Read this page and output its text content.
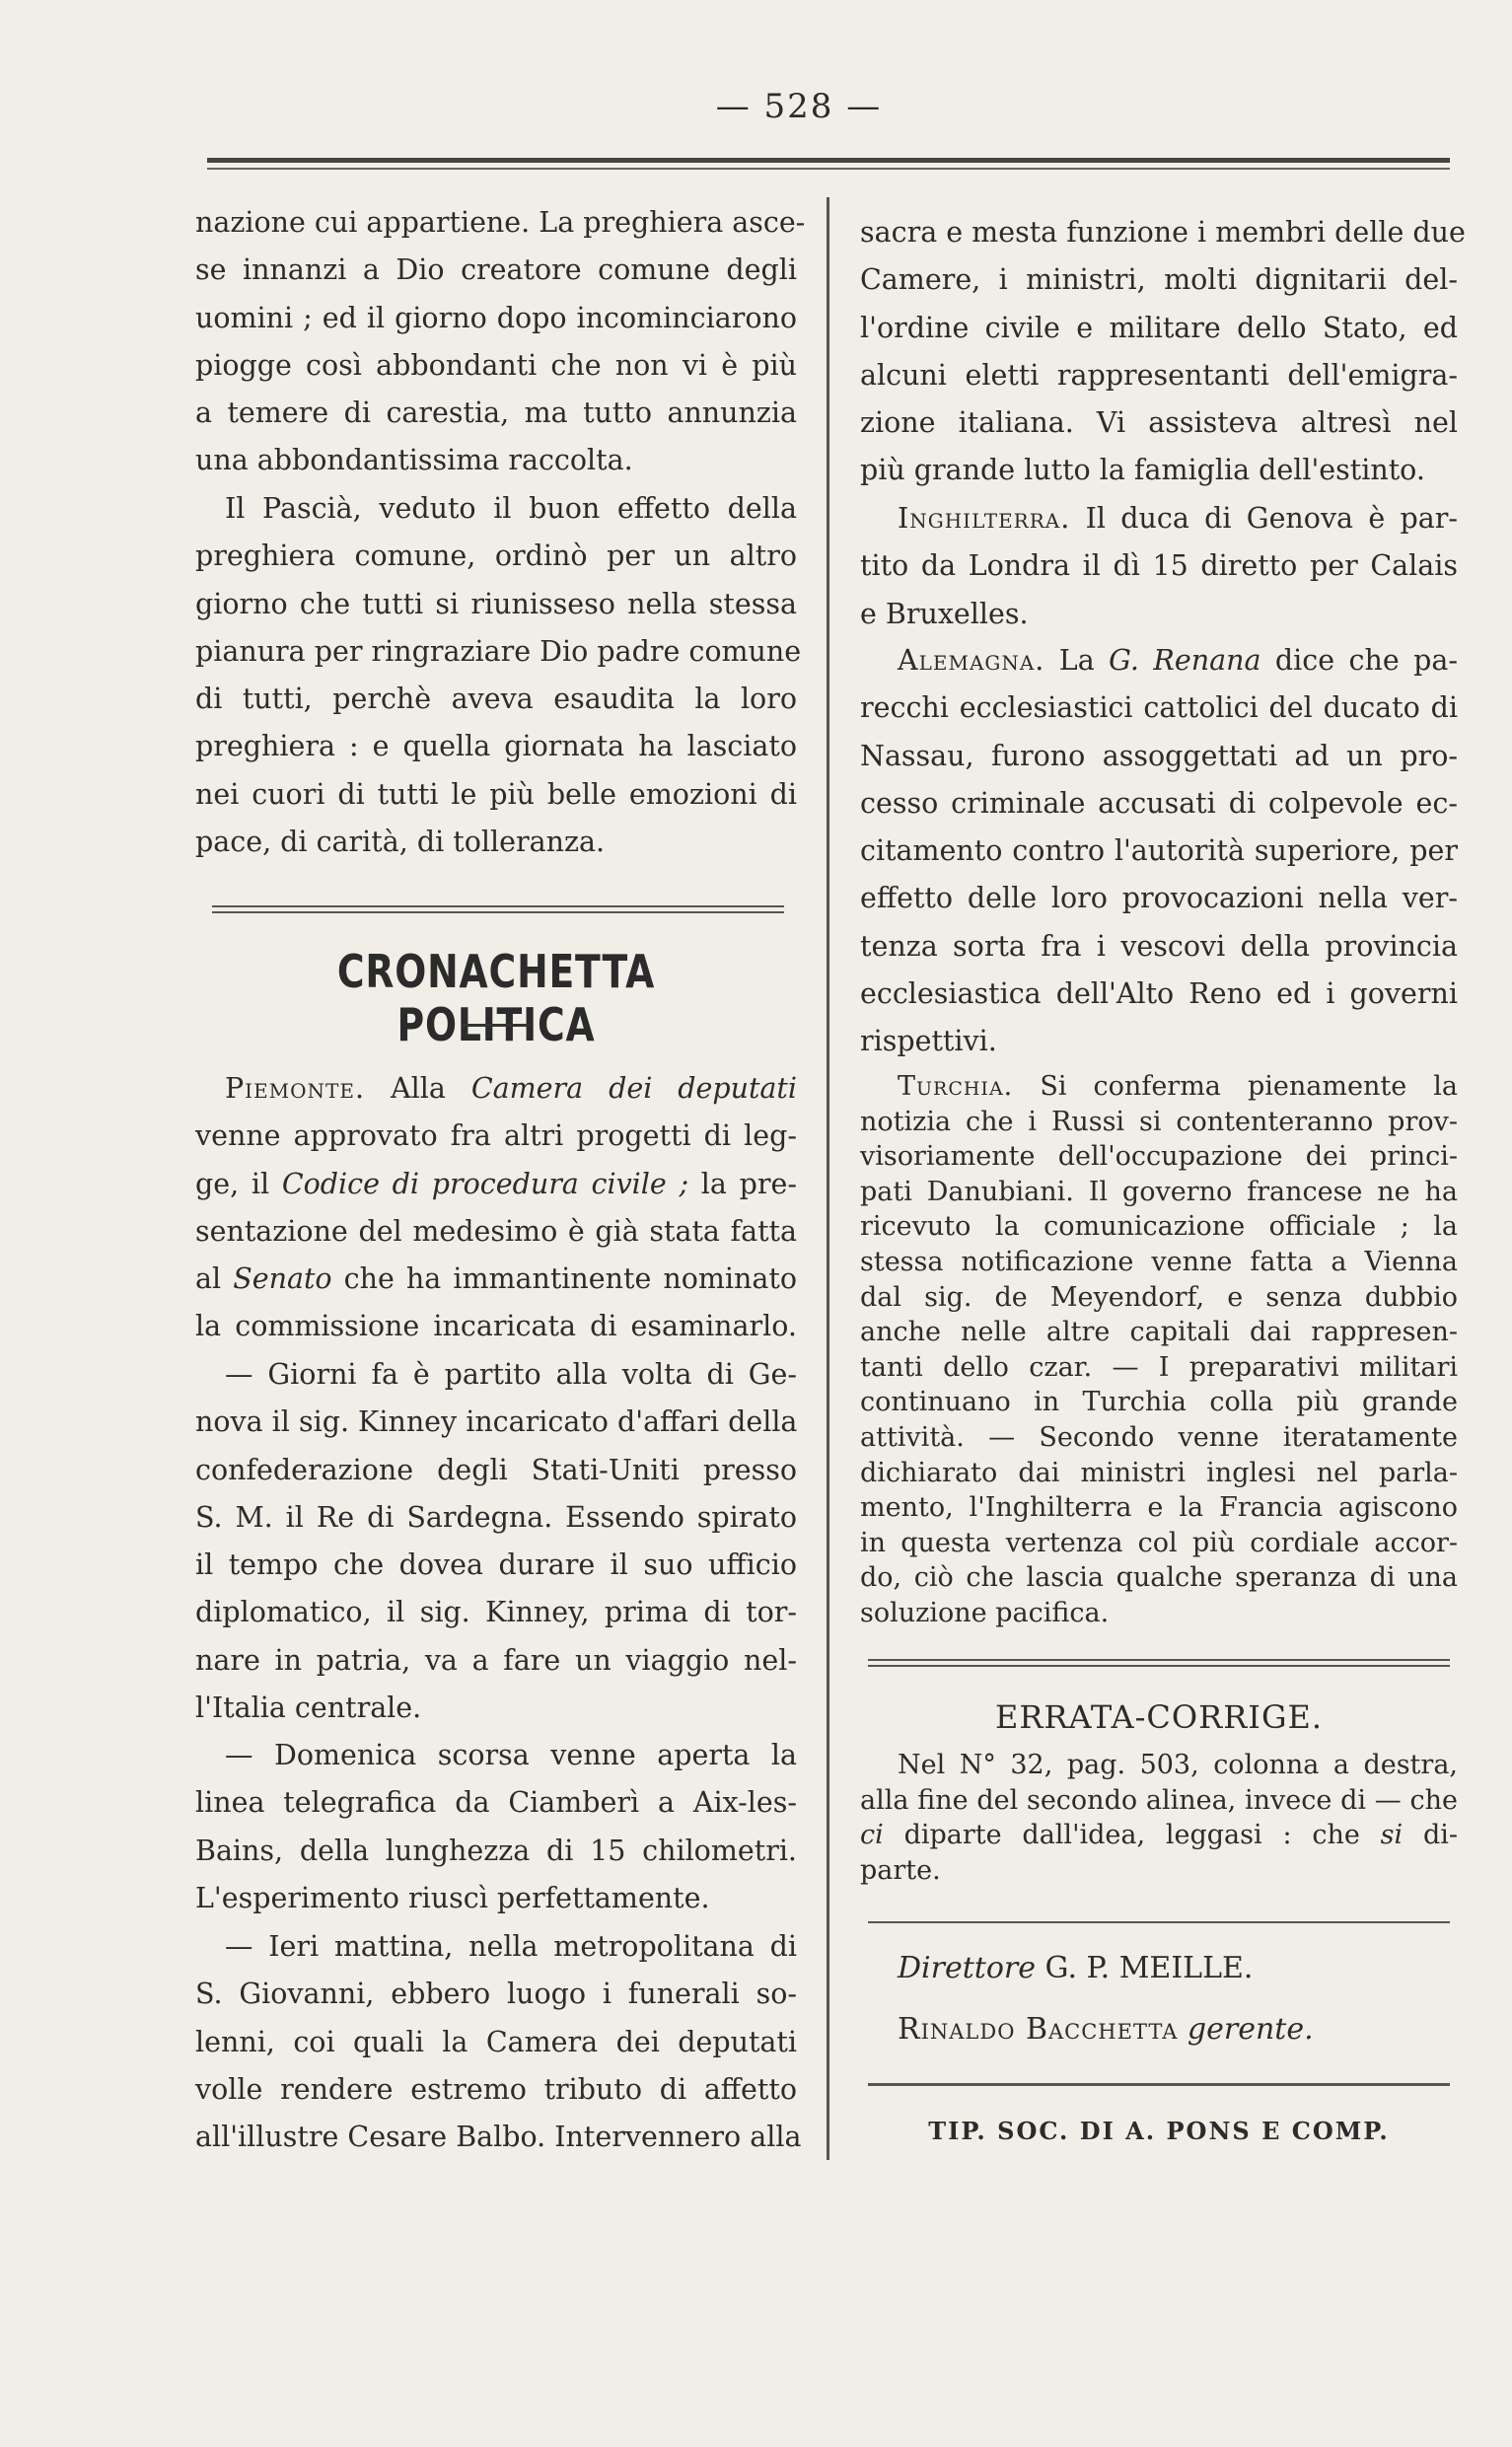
— 528 —
nazione cui appartiene. La preghiera asce-
se innanzi a Dio creatore comune degli
uomini ; ed il giorno dopo incominciarono
piogge così abbondanti che non vi è più
a temere di carestia, ma tutto annunzia
una abbondantissima raccolta.
Il Pascià, veduto il buon effetto della
preghiera comune, ordinò per un altro
giorno che tutti si riunisseso nella stessa
pianura per ringraziare Dio padre comune
di tutti, perchè aveva esaudita la loro
preghiera : e quella giornata ha lasciato
nei cuori di tutti le più belle emozioni di
pace, di carità, di tolleranza.
CRONACHETTA POLITICA
Piemonte. Alla Camera dei deputati
venne approvato fra altri progetti di leg-
ge, il Codice di procedura civile ; la pre-
sentazione del medesimo è già stata fatta
al Senato che ha immantinente nominato
la commissione incaricata di esaminarlo.
— Giorni fa è partito alla volta di Ge-
nova il sig. Kinney incaricato d'affari della
confederazione degli Stati-Uniti presso
S. M. il Re di Sardegna. Essendo spirato
il tempo che dovea durare il suo ufficio
diplomatico, il sig. Kinney, prima di tor-
nare in patria, va a fare un viaggio nel-
l'Italia centrale.
— Domenica scorsa venne aperta la
linea telegrafica da Ciamberì a Aix-les-
Bains, della lunghezza di 15 chilometri.
L'esperimento riuscì perfettamente.
— Ieri mattina, nella metropolitana di
S. Giovanni, ebbero luogo i funerali so-
lenni, coi quali la Camera dei deputati
volle rendere estremo tributo di affetto
all'illustre Cesare Balbo. Intervennero alla
sacra e mesta funzione i membri delle due
Camere, i ministri, molti dignitarii del-
l'ordine civile e militare dello Stato, ed
alcuni eletti rappresentanti dell'emigra-
zione italiana. Vi assisteva altresì nel
più grande lutto la famiglia dell'estinto.
Inghilterra. Il duca di Genova è par-
tito da Londra il dì 15 diretto per Calais
e Bruxelles.
Alemagna. La G. Renana dice che pa-
recchi ecclesiastici cattolici del ducato di
Nassau, furono assoggettati ad un pro-
cesso criminale accusati di colpevole ec-
citamento contro l'autorità superiore, per
effetto delle loro provocazioni nella ver-
tenza sorta fra i vescovi della provincia
ecclesiastica dell'Alto Reno ed i governi
rispettivi.
Turchia. Si conferma pienamente la
notizia che i Russi si contenteranno prov-
visoriamente dell'occupazione dei princi-
pati Danubiani. Il governo francese ne ha
ricevuto la comunicazione officiale ; la
stessa notificazione venne fatta a Vienna
dal sig. de Meyendorf, e senza dubbio
anche nelle altre capitali dai rappresen-
tanti dello czar. — I preparativi militari
continuano in Turchia colla più grande
attività. — Secondo venne iteratamente
dichiarato dai ministri inglesi nel parla-
mento, l'Inghilterra e la Francia agiscono
in questa vertenza col più cordiale accor-
do, ciò che lascia qualche speranza di una
soluzione pacifica.
ERRATA-CORRIGE.
Nel N° 32, pag. 503, colonna a destra,
alla fine del secondo alinea, invece di — che
ci diparte dall'idea, leggasi : che si di-
parte.
Direttore G. P. MEILLE.
Rinaldo Bacchetta gerente.
TIP. SOC. DI A. PONS E COMP.
